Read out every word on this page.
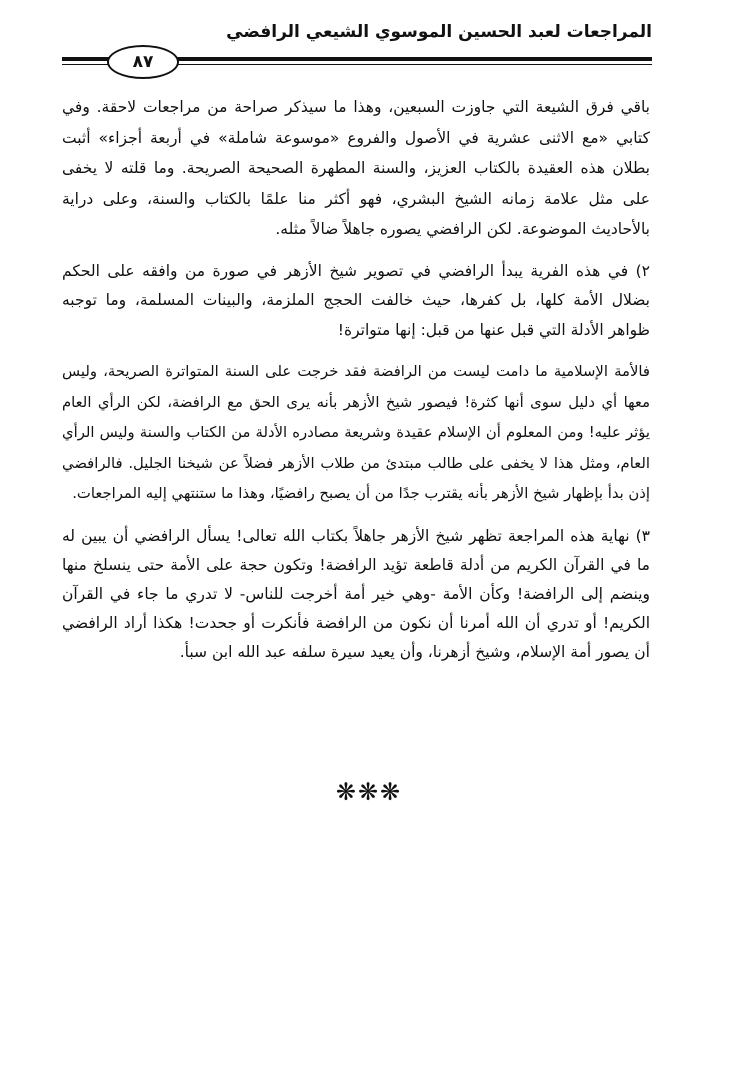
المراجعات لعبد الحسين الموسوي الشيعي الرافضي
٨٧

باقي فرق الشيعة التي جاوزت السبعين، وهذا ما سيذكر صراحة من مراجعات لاحقة. وفي كتابي «مع الاثنى عشرية في الأصول والفروع «موسوعة شاملة» في أربعة أجزاء» أثبت بطلان هذه العقيدة بالكتاب العزيز، والسنة المطهرة الصحيحة الصريحة. وما قلته لا يخفى على مثل علامة زمانه الشيخ البشري، فهو أكثر منا علمًا بالكتاب والسنة، وعلى دراية بالأحاديث الموضوعة. لكن الرافضي يصوره جاهلاً ضالاً مثله.

٢) في هذه الفرية يبدأ الرافضي في تصوير شيخ الأزهر في صورة من وافقه على الحكم بضلال الأمة كلها، بل كفرها، حيث خالفت الحجج الملزمة، والبينات المسلمة، وما توجبه ظواهر الأدلة التي قبل عنها من قبل: إنها متواترة!

فالأمة الإسلامية ما دامت ليست من الرافضة فقد خرجت على السنة المتواترة الصريحة، وليس معها أي دليل سوى أنها كثرة! فيصور شيخ الأزهر بأنه يرى الحق مع الرافضة، لكن الرأي العام يؤثر عليه! ومن المعلوم أن الإسلام عقيدة وشريعة مصادره الأدلة من الكتاب والسنة وليس الرأي العام، ومثل هذا لا يخفى على طالب مبتدئ من طلاب الأزهر فضلاً عن شيخنا الجليل. فالرافضي إذن بدأ بإظهار شيخ الأزهر بأنه يقترب جدًا من أن يصبح رافضيًا، وهذا ما ستنتهي إليه المراجعات.

٣) نهاية هذه المراجعة تظهر شيخ الأزهر جاهلاً بكتاب الله تعالى! يسأل الرافضي أن يبين له ما في القرآن الكريم من أدلة قاطعة تؤيد الرافضة! وتكون حجة على الأمة حتى ينسلخ منها وينضم إلى الرافضة! وكأن الأمة -وهي خير أمة أخرجت للناس- لا تدري ما جاء في القرآن الكريم! أو تدري أن الله أمرنا أن نكون من الرافضة فأنكرت أو جحدت! هكذا أراد الرافضي أن يصور أمة الإسلام، وشيخ أزهرنا، وأن يعيد سيرة سلفه عبد الله ابن سبأ.

❋❋❋
